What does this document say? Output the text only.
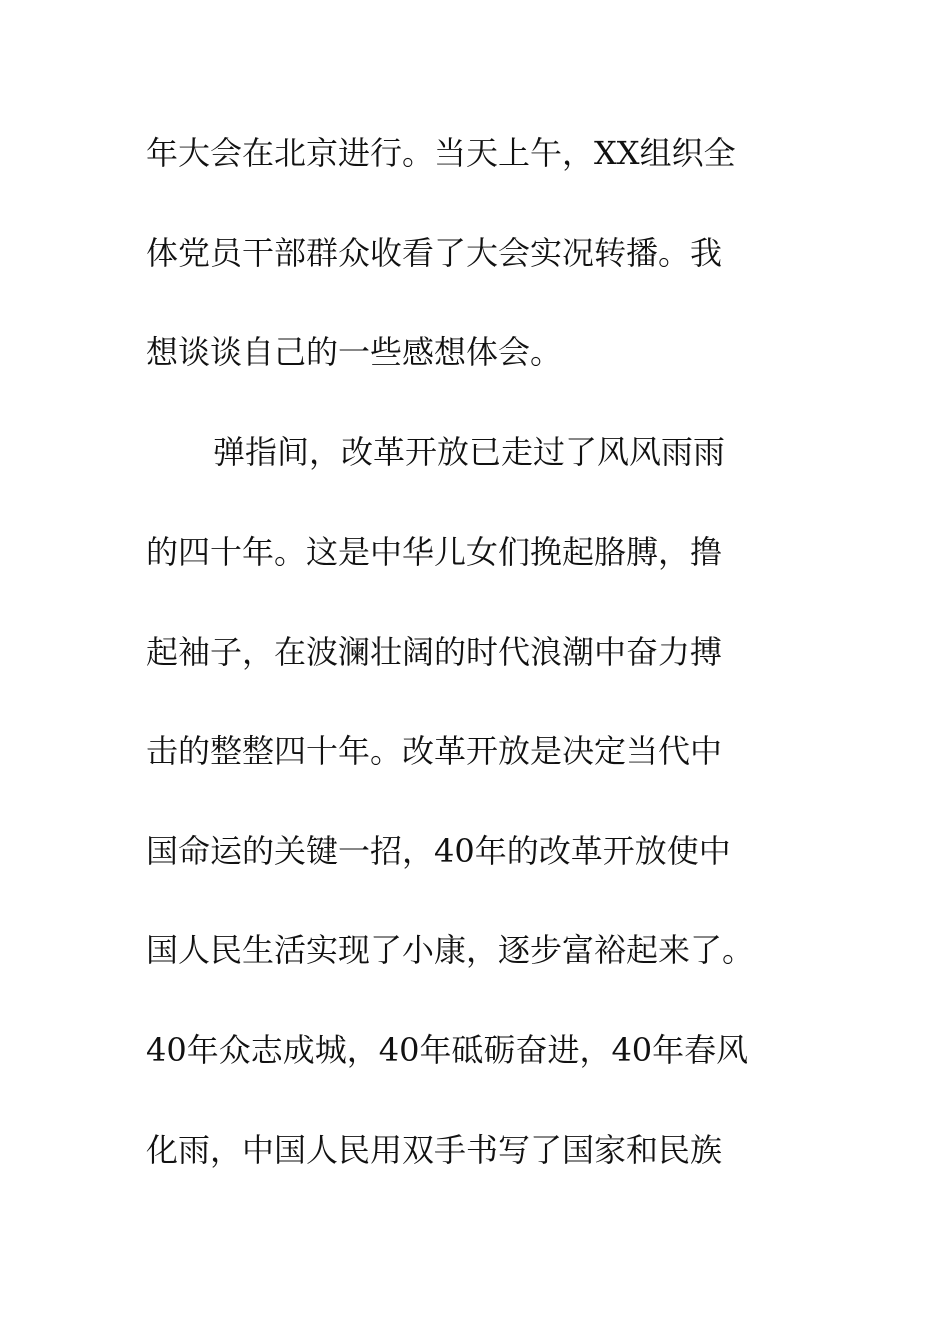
年大会在北京进行。当天上午，XX组织全
体党员干部群众收看了大会实况转播。我
想谈谈自己的一些感想体会。
弹指间，改革开放已走过了风风雨雨
的四十年。这是中华儿女们挽起胳膊，撸
起袖子，在波澜壮阔的时代浪潮中奋力搏
击的整整四十年。改革开放是决定当代中
国命运的关键一招，40年的改革开放使中
国人民生活实现了小康，逐步富裕起来了。
40年众志成城，40年砥砺奋进，40年春风
化雨，中国人民用双手书写了国家和民族
